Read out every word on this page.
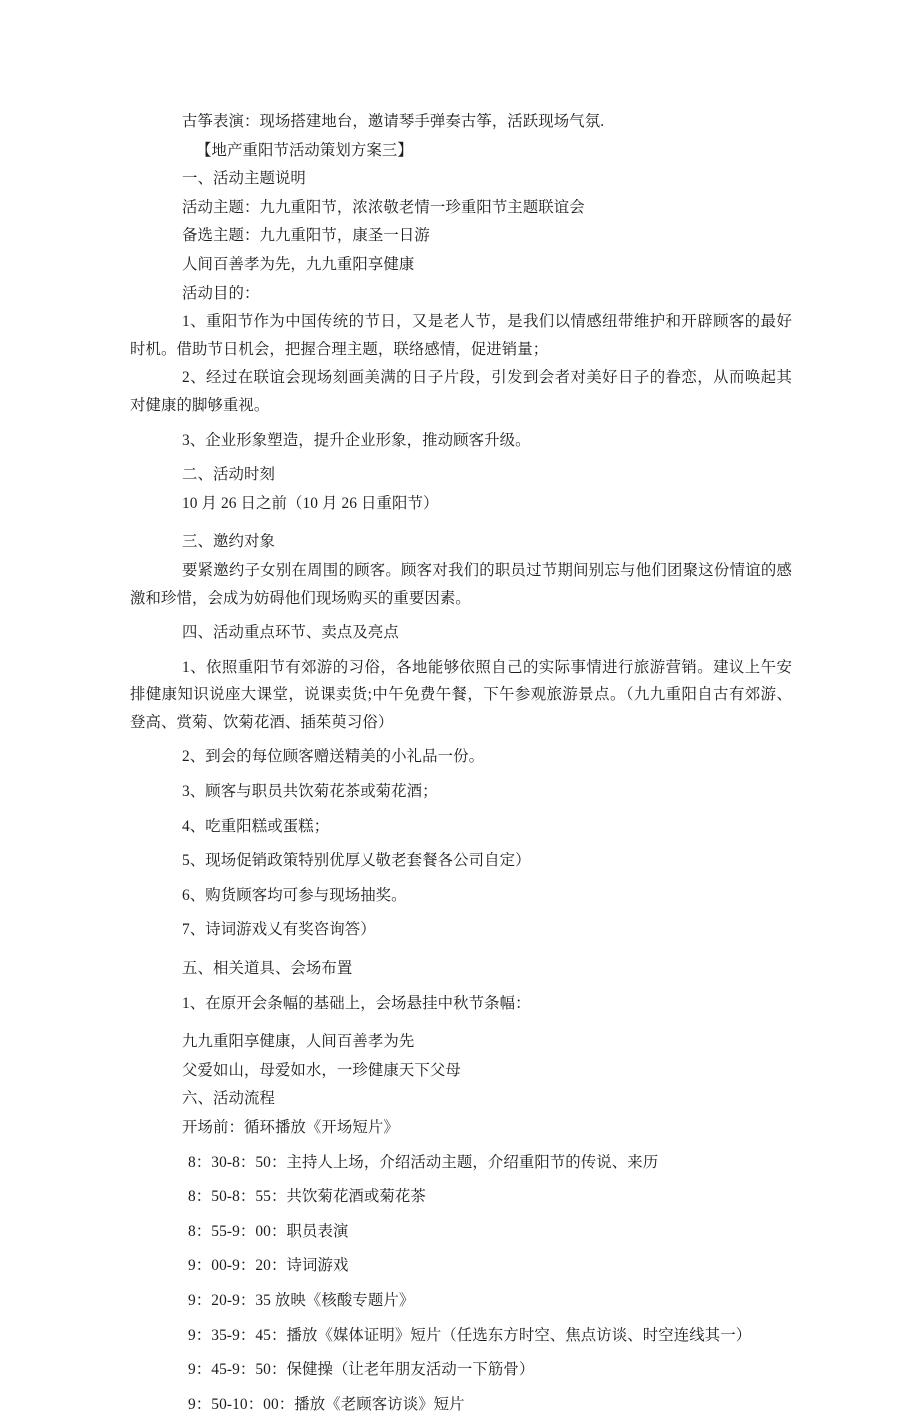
古筝表演：现场搭建地台，邀请琴手弹奏古筝，活跃现场气氛.

【地产重阳节活动策划方案三】

一、活动主题说明

活动主题：九九重阳节，浓浓敬老情一珍重阳节主题联谊会

备选主题：九九重阳节，康圣一日游

人间百善孝为先，九九重阳享健康

活动目的：

1、重阳节作为中国传统的节日，又是老人节，是我们以情感纽带维护和开辟顾客的最好时机。借助节日机会，把握合理主题，联络感情，促进销量；

2、经过在联谊会现场刻画美满的日子片段，引发到会者对美好日子的眷恋，从而唤起其对健康的脚够重视。

3、企业形象塑造，提升企业形象，推动顾客升级。

二、活动时刻

10 月 26 日之前（10 月 26 日重阳节）

三、邀约对象

要紧邀约子女别在周围的顾客。顾客对我们的职员过节期间别忘与他们团聚这份情谊的感激和珍惜，会成为妨碍他们现场购买的重要因素。

四、活动重点环节、卖点及亮点

1、依照重阳节有郊游的习俗，各地能够依照自己的实际事情进行旅游营销。建议上午安排健康知识说座大课堂，说课卖货;中午免费午餐，下午参观旅游景点。（九九重阳自古有郊游、登高、赏菊、饮菊花酒、插茱萸习俗）

2、到会的每位顾客赠送精美的小礼品一份。

3、顾客与职员共饮菊花茶或菊花酒；

4、吃重阳糕或蛋糕；

5、现场促销政策特别优厚乂敬老套餐各公司自定）

6、购货顾客均可参与现场抽奖。

7、诗词游戏乂有奖咨询答）

五、相关道具、会场布置

1、在原开会条幅的基础上，会场悬挂中秋节条幅：

九九重阳享健康，人间百善孝为先

父爱如山，母爱如水，一珍健康天下父母

六、活动流程

开场前：循环播放《开场短片》

8：30-8：50：主持人上场，介绍活动主题，介绍重阳节的传说、来历

8：50-8：55：共饮菊花酒或菊花茶

8：55-9：00：职员表演

9：00-9：20：诗词游戏

9：20-9：35 放映《核酸专题片》

9：35-9：45：播放《媒体证明》短片（任选东方时空、焦点访谈、时空连线其一）

9：45-9：50：保健操（让老年朋友活动一下筋骨）

9：50-10：00：播放《老顾客访谈》短片
